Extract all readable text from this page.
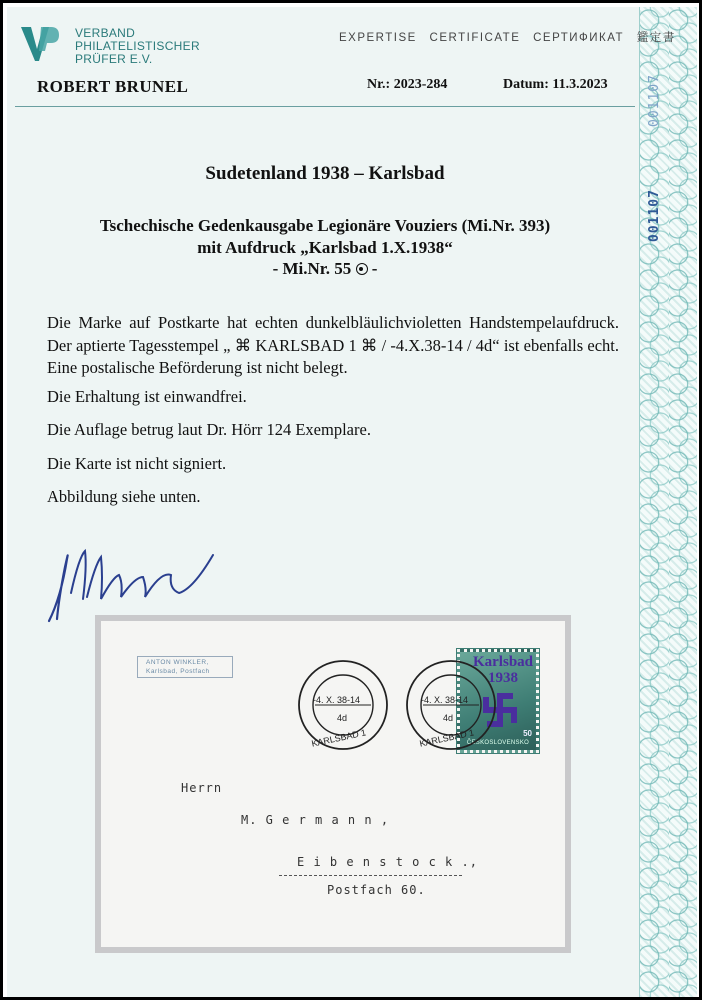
001107
001107
VERBAND
PHILATELISTISCHER
PRÜFER E.V.
EXPERTISE CERTIFICATE СЕРТИФИКАТ 鑑定書
ROBERT BRUNEL	Nr.: 2023-284	Datum: 11.3.2023
Sudetenland 1938 – Karlsbad
Tschechische Gedenkausgabe Legionäre Vouziers (Mi.Nr. 393)
mit Aufdruck „Karlsbad 1.X.1938“
- Mi.Nr. 55 -
Die Marke auf Postkarte hat echten dunkelbläulichvioletten Handstempelaufdruck. Der aptierte Tagesstempel „ ⌘ KARLSBAD 1 ⌘ / -4.X.38-14 / 4d“ ist ebenfalls echt. Eine postalische Beförderung ist nicht belegt.
Die Erhaltung ist einwandfrei.
Die Auflage betrug laut Dr. Hörr 124 Exemplare.
Die Karte ist nicht signiert.
Abbildung siehe unten.
ANTON WINKLER,
Karlsbad, Postfach
-4. X. 38-14
4d
KARLSBAD 1
Karlsbad
1938
50
ČESKOSLOVENSKO
-4. X. 38-14
4d
KARLSBAD 1
Herrn
M. G e r m a n n ,
E i b e n s t o c k .,
Postfach 60.
